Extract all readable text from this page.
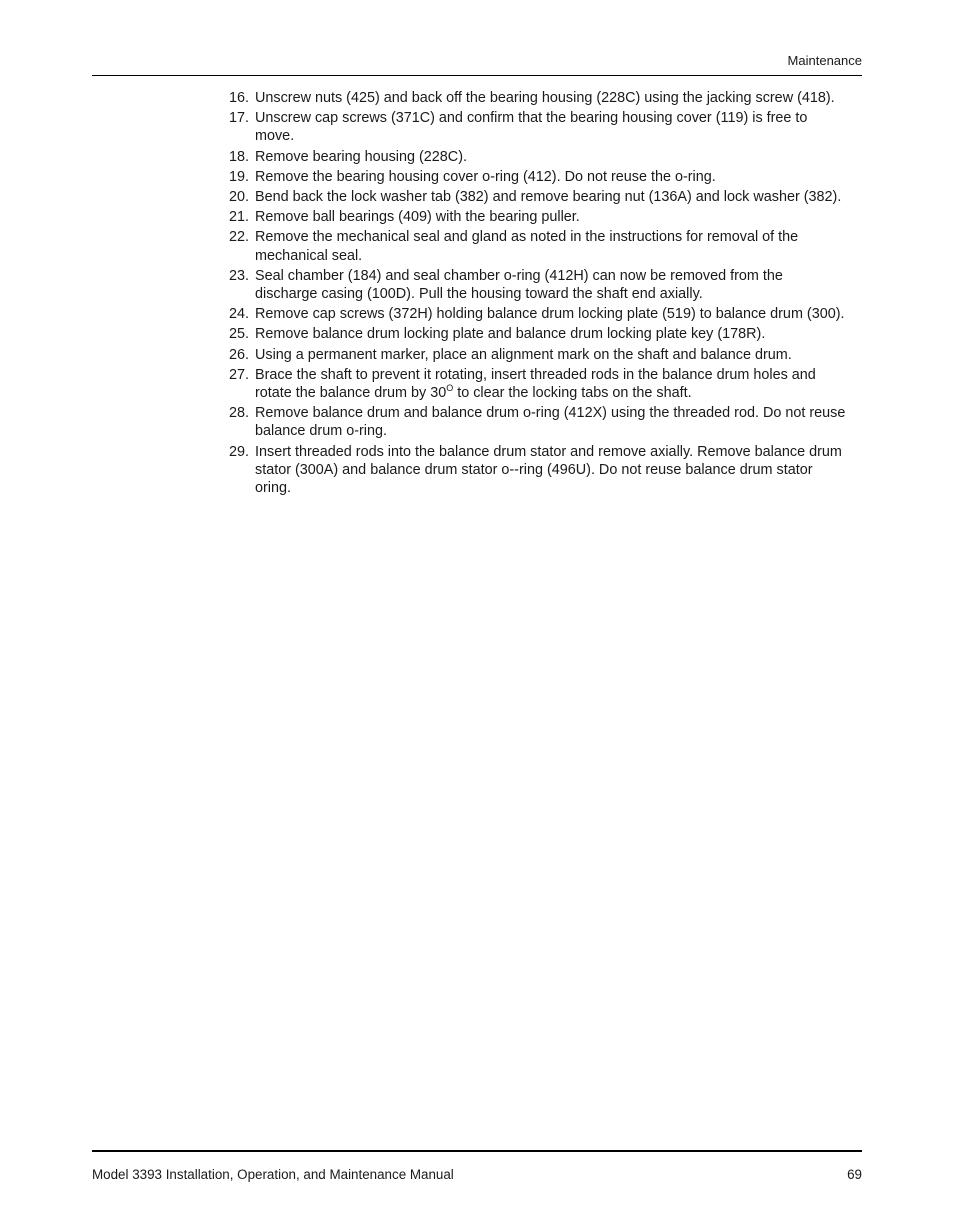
Maintenance
16. Unscrew nuts (425) and back off the bearing housing (228C) using the jacking screw (418).
17. Unscrew cap screws (371C) and confirm that the bearing housing cover (119) is free to move.
18. Remove bearing housing (228C).
19. Remove the bearing housing cover o-ring (412). Do not reuse the o-ring.
20. Bend back the lock washer tab (382) and remove bearing nut (136A) and lock washer (382).
21. Remove ball bearings (409) with the bearing puller.
22. Remove the mechanical seal and gland as noted in the instructions for removal of the mechanical seal.
23. Seal chamber (184) and seal chamber o-ring (412H) can now be removed from the discharge casing (100D). Pull the housing toward the shaft end axially.
24. Remove cap screws (372H) holding balance drum locking plate (519) to balance drum (300).
25. Remove balance drum locking plate and balance drum locking plate key (178R).
26. Using a permanent marker, place an alignment mark on the shaft and balance drum.
27. Brace the shaft to prevent it rotating, insert threaded rods in the balance drum holes and rotate the balance drum by $30^O$ to clear the locking tabs on the shaft.
28. Remove balance drum and balance drum o-ring (412X) using the threaded rod. Do not reuse balance drum o-ring.
29. Insert threaded rods into the balance drum stator and remove axially. Remove balance drum stator (300A) and balance drum stator o--ring (496U). Do not reuse balance drum stator oring.
Model 3393 Installation, Operation, and Maintenance Manual	69
